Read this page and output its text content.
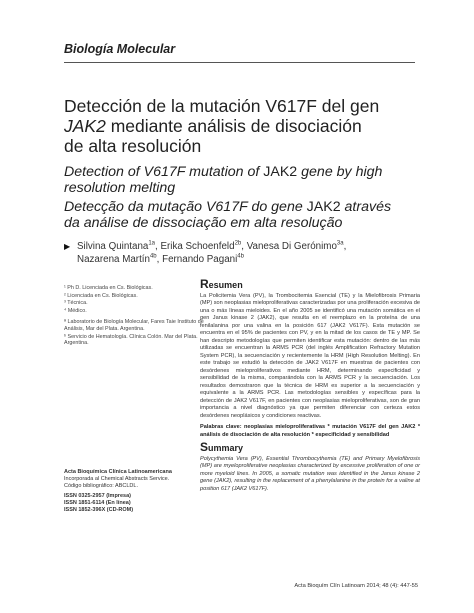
Biología Molecular
Detección de la mutación V617F del gen
JAK2 mediante análisis de disociación
de alta resolución
Detection of V617F mutation of JAK2 gene by high
resolution melting
Detecção da mutação V617F do gene JAK2 através
da análise de dissociação em alta resolução
▶ Silvina Quintana$^{1a}$, Erika Schoenfeld$^{2b}$, Vanesa Di Gerónimo$^{3a}$,
Nazarena Martín$^{4b}$, Fernando Pagani$^{4b}$

¹ Ph D. Licenciada en Cs. Biológicas.

² Licenciada en Cs. Biológicas.

³ Técnica.

⁴ Médico.

ª Laboratorio de Biología Molecular, Fares Taie Instituto de Análisis, Mar del Plata. Argentina.

ᵇ Servicio de Hematología. Clínica Colón. Mar del Plata. Argentina.

Acta Bioquímica Clínica Latinoamericana

Incorporada al Chemical Abstracts Service.

Código bibliográfico: ABCLDL.

ISSN 0325-2957 (Impresa)

ISSN 1851-6114 (En línea)

ISSN 1852-396X (CD-ROM)

Resumen

La Policitemia Vera (PV), la Trombocitemia Esencial (TE) y la Mielofibrosis Primaria (MP) son neoplasias mieloproliferativas caracterizadas por una proliferación excesiva de una o más líneas mieloides. En el año 2005 se identificó una mutación somática en el gen Janus kinase 2 (JAK2), que resulta en el reemplazo en la proteína de una fenilalanina por una valina en la posición 617 (JAK2 V617F). Esta mutación se encuentra en el 95% de pacientes con PV, y en la mitad de los casos de TE y MP. Se han descripto metodologías que permiten identificar esta mutación: dentro de las más utilizadas se encuentran la ARMS PCR (del inglés Amplification Refractory Mutation System PCR), la secuenciación y recientemente la HRM (High Resolution Melting). En este trabajo se estudió la detección de JAK2 V617F en muestras de pacientes con desórdenes mieloproliferativos mediante HRM, determinando especificidad y sensibilidad de la misma, comparándola con la ARMS PCR y la secuenciación. Los resultados demostraron que la técnica de HRM es superior a la secuenciación y equivalente a la ARMS PCR. Las metodologías sensibles y específicas para la detección de JAK2 V617F, en pacientes con neoplasias mieloproliferativas, son de gran importancia a nivel diagnóstico ya que permiten diferenciar con certeza estos desórdenes neoplásicos y condiciones reactivas.

Palabras clave: neoplasias mieloproliferativas * mutación V617F del gen JAK2 * análisis de disociación de alta resolución * especificidad y sensibilidad

Summary

Polycythemia Vera (PV), Essential Thrombocythemia (TE) and Primary Myelofibrosis (MP) are myeloproliferative neoplasias characterized by excessive proliferation of one or more myeloid lines. In 2005, a somatic mutation was identified in the Janus kinase 2 gene (JAK2), resulting in the replacement of a phenylalanine in the protein for a valine at position 617 (JAK2 V617F).

Acta Bioquím Clín Latinoam 2014; 48 (4): 447-55
